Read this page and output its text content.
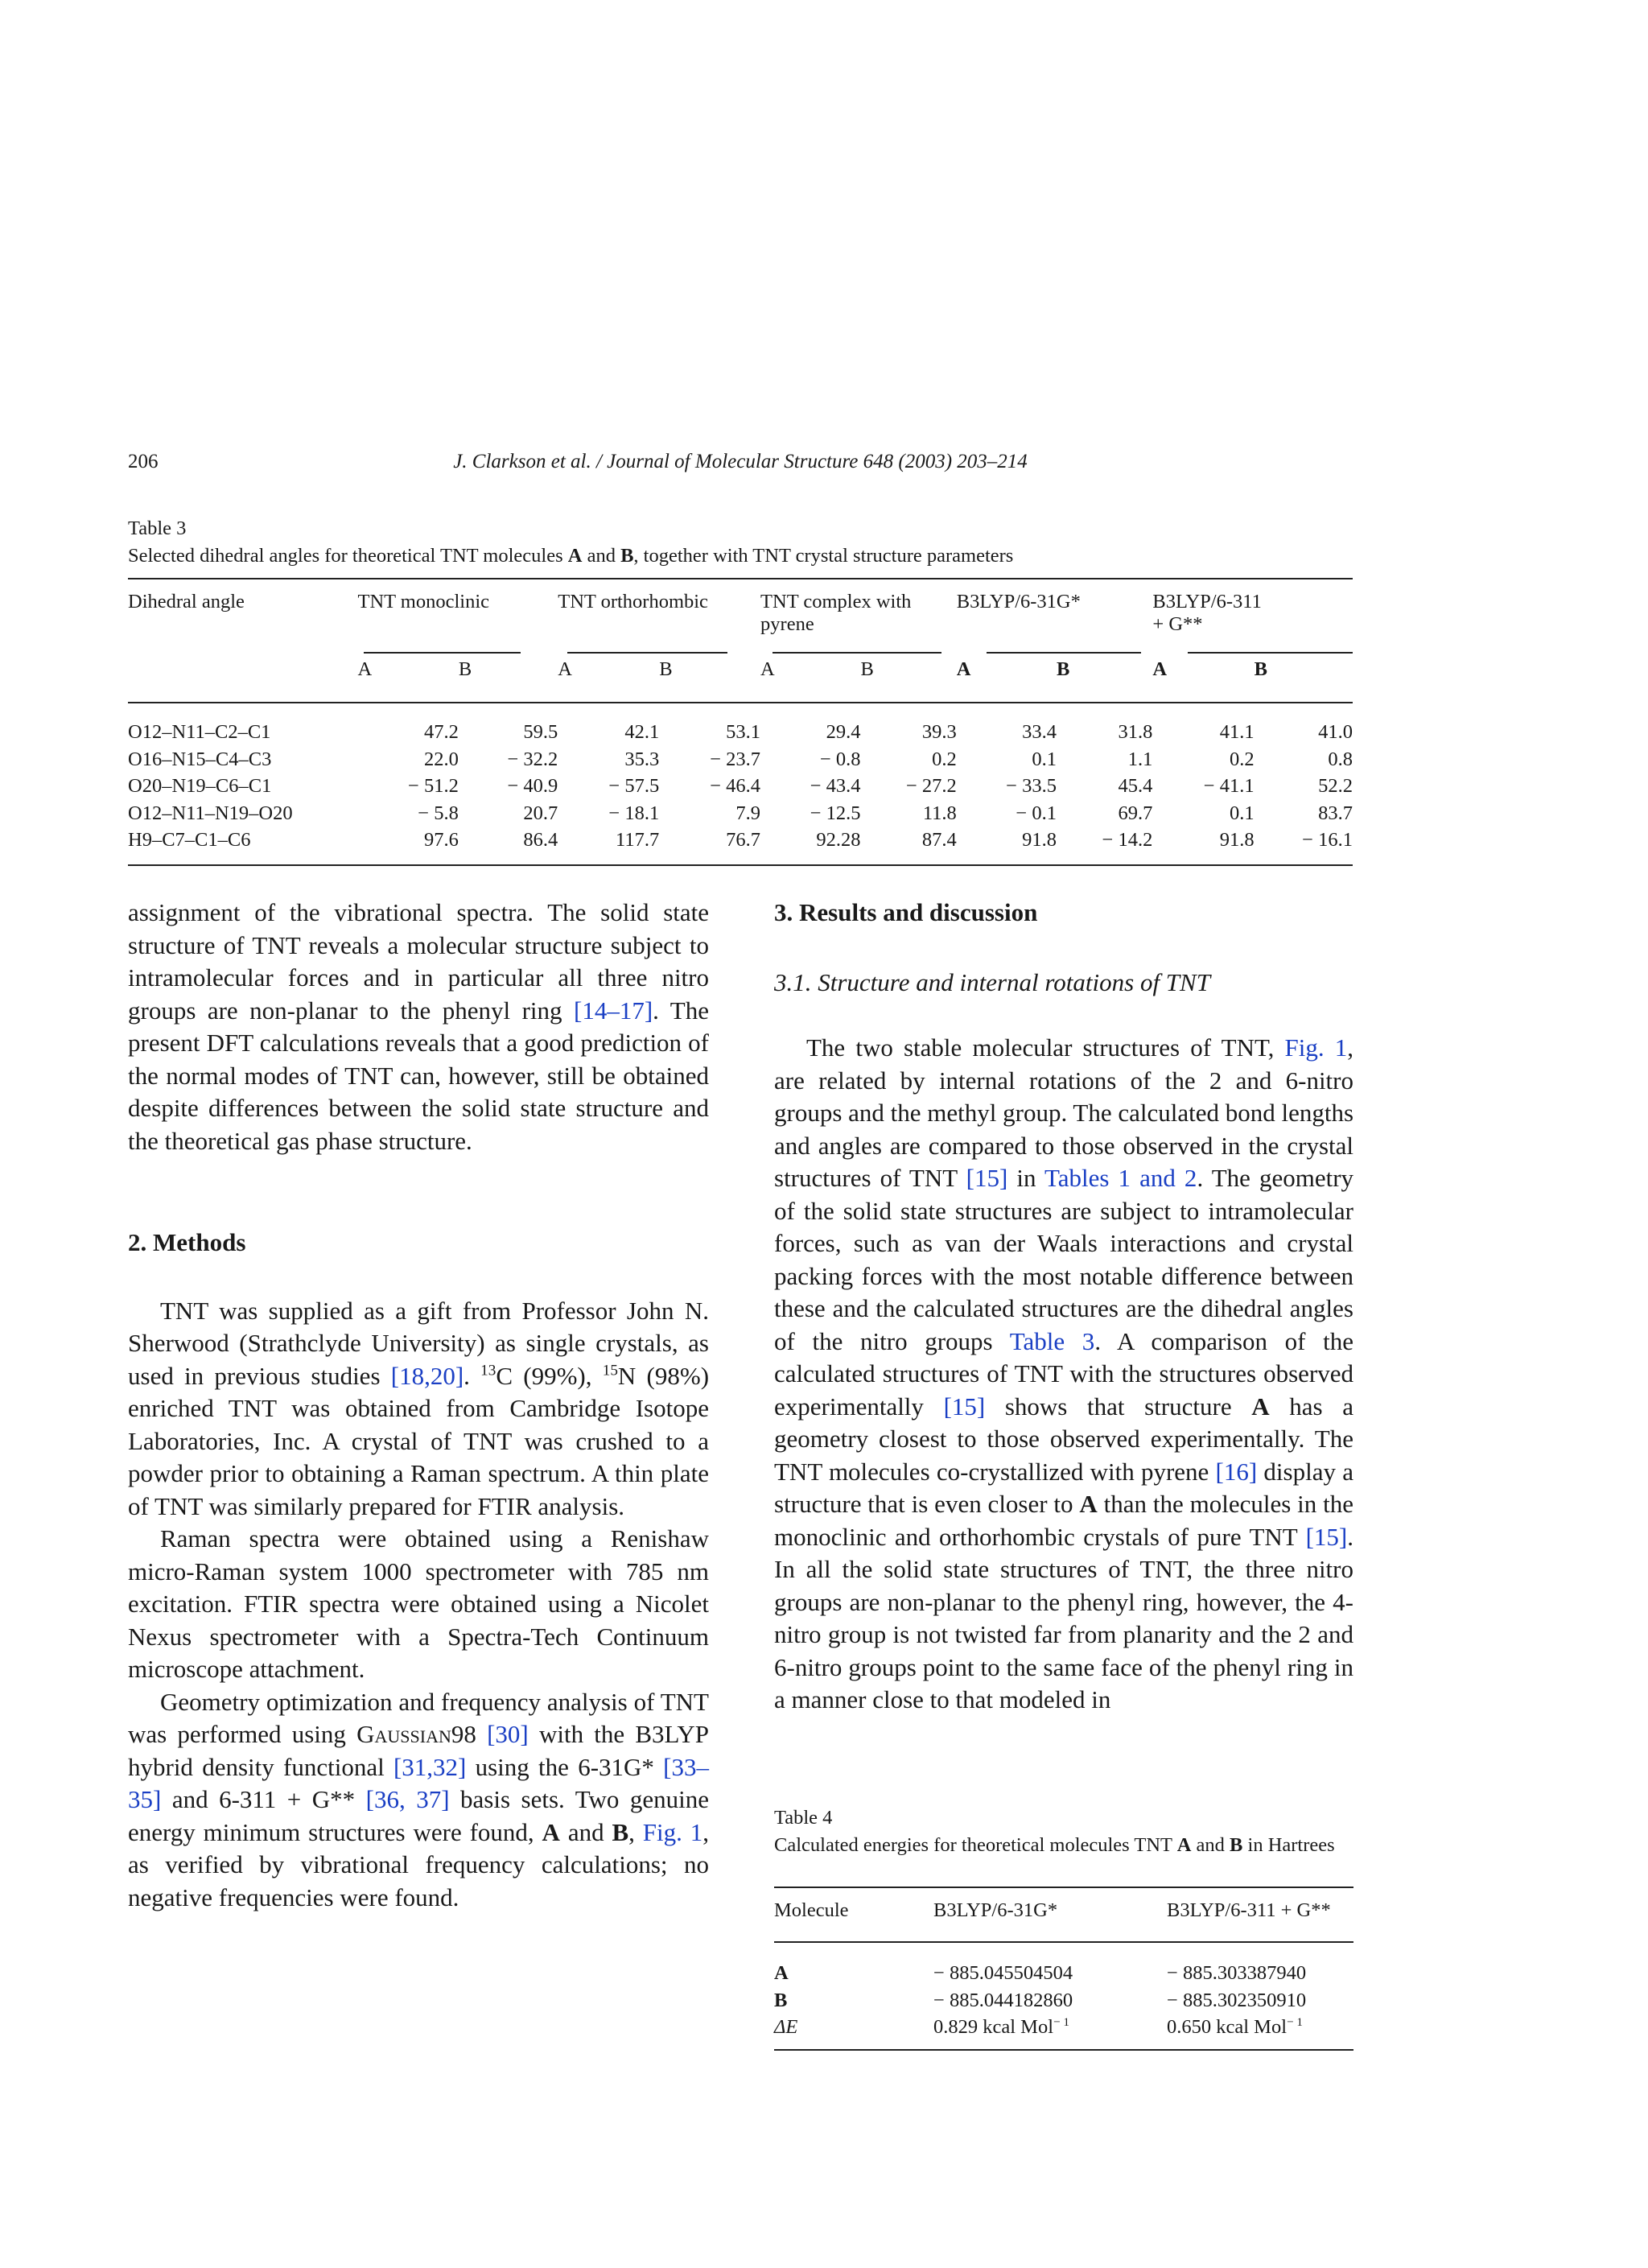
206	J. Clarkson et al. / Journal of Molecular Structure 648 (2003) 203–214
Table 3
Selected dihedral angles for theoretical TNT molecules A and B, together with TNT crystal structure parameters
Dihedral angle	TNT monoclinic		TNT orthorhombic		TNT complex with pyrene		B3LYP/6-31G*		B3LYP/6-311 + G**	
	A	B	A	B	A	B	A	B	A	B

O12–N11–C2–C1	47.2	59.5	42.1	53.1	29.4	39.3	33.4	31.8	41.1	41.0
O16–N15–C4–C3	22.0	− 32.2	35.3	− 23.7	− 0.8	0.2	0.1	1.1	0.2	0.8
O20–N19–C6–C1	− 51.2	− 40.9	− 57.5	− 46.4	− 43.4	− 27.2	− 33.5	45.4	− 41.1	52.2
O12–N11–N19–O20	− 5.8	20.7	− 18.1	7.9	− 12.5	11.8	− 0.1	69.7	0.1	83.7
H9–C7–C1–C6	97.6	86.4	117.7	76.7	92.28	87.4	91.8	− 14.2	91.8	− 16.1

assignment of the vibrational spectra. The solid state structure of TNT reveals a molecular structure subject to intramolecular forces and in particular all three nitro groups are non-planar to the phenyl ring [14–17]. The present DFT calculations reveals that a good prediction of the normal modes of TNT can, however, still be obtained despite differences between the solid state structure and the theoretical gas phase structure.

2. Methods

TNT was supplied as a gift from Professor John N. Sherwood (Strathclyde University) as single crystals, as used in previous studies [18,20]. $^{13}$C (99%), $^{15}$N (98%) enriched TNT was obtained from Cambridge Isotope Laboratories, Inc. A crystal of TNT was crushed to a powder prior to obtaining a Raman spectrum. A thin plate of TNT was similarly prepared for FTIR analysis.

Raman spectra were obtained using a Renishaw micro-Raman system 1000 spectrometer with 785 nm excitation. FTIR spectra were obtained using a Nicolet Nexus spectrometer with a Spectra-Tech Continuum microscope attachment.

Geometry optimization and frequency analysis of TNT was performed using Gaussian98 [30] with the B3LYP hybrid density functional [31,32] using the 6-31G* [33–35] and 6-311 + G** [36, 37] basis sets. Two genuine energy minimum structures were found, A and B, Fig. 1, as verified by vibrational frequency calculations; no negative frequencies were found.

3. Results and discussion
3.1. Structure and internal rotations of TNT

The two stable molecular structures of TNT, Fig. 1, are related by internal rotations of the 2 and 6-nitro groups and the methyl group. The calculated bond lengths and angles are compared to those observed in the crystal structures of TNT [15] in Tables 1 and 2. The geometry of the solid state structures are subject to intramolecular forces, such as van der Waals interactions and crystal packing forces with the most notable difference between these and the calculated structures are the dihedral angles of the nitro groups Table 3. A comparison of the calculated structures of TNT with the structures observed experimentally [15] shows that structure A has a geometry closest to those observed experimentally. The TNT molecules co-crystallized with pyrene [16] display a structure that is even closer to A than the molecules in the monoclinic and orthorhombic crystals of pure TNT [15]. In all the solid state structures of TNT, the three nitro groups are non-planar to the phenyl ring, however, the 4-nitro group is not twisted far from planarity and the 2 and 6-nitro groups point to the same face of the phenyl ring in a manner close to that modeled in

Table 4
Calculated energies for theoretical molecules TNT A and B in Hartrees
Molecule	B3LYP/6-31G*	B3LYP/6-311 + G**
A	− 885.045504504	− 885.303387940
B	− 885.044182860	− 885.302350910
ΔE	0.829 kcal Mol$^{- 1}$	0.650 kcal Mol$^{- 1}$
